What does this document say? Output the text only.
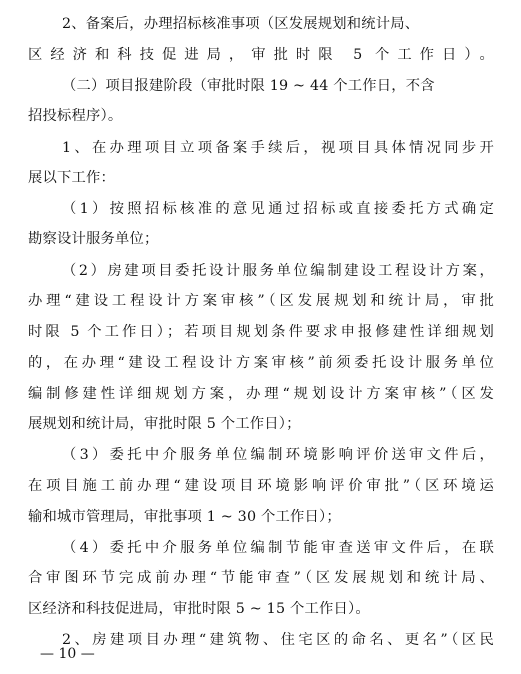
2、备案后，办理招标核准事项（区发展规划和统计局、
区经济和科技促进局，审批时限 5 个工作日）。
（二）项目报建阶段（审批时限 19 ~ 44 个工作日，不含
招投标程序）。
1、在办理项目立项备案手续后，视项目具体情况同步开
展以下工作：
（1）按照招标核准的意见通过招标或直接委托方式确定
勘察设计服务单位；
（2）房建项目委托设计服务单位编制建设工程设计方案，
办理“建设工程设计方案审核”（区发展规划和统计局，审批
时限 5 个工作日）；若项目规划条件要求申报修建性详细规划
的，在办理“建设工程设计方案审核”前须委托设计服务单位
编制修建性详细规划方案，办理“规划设计方案审核”（区发
展规划和统计局，审批时限 5 个工作日）；
（3）委托中介服务单位编制环境影响评价送审文件后，
在项目施工前办理“建设项目环境影响评价审批”（区环境运
输和城市管理局，审批事项 1 ~ 30 个工作日）；
（4）委托中介服务单位编制节能审查送审文件后，在联
合审图环节完成前办理“节能审查”（区发展规划和统计局、
区经济和科技促进局，审批时限 5 ~ 15 个工作日）。
2、房建项目办理“建筑物、住宅区的命名、更名”（区民
— 10 —
